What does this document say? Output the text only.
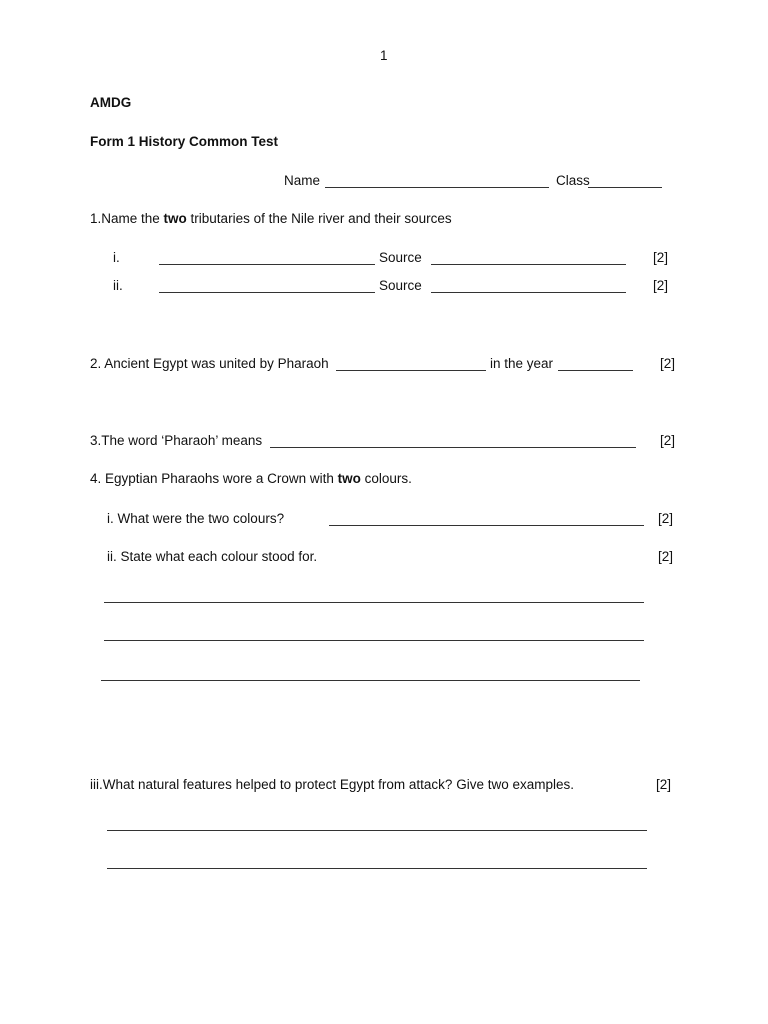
1
AMDG
Form 1 History Common Test
Name	Class
1.Name the two tributaries of the Nile river and their sources
i.	Source	[2]
ii.	Source	[2]
2. Ancient Egypt was united by Pharaoh	in the year	[2]
3.The word ‘Pharaoh’ means	[2]
4. Egyptian Pharaohs wore a Crown with two colours.
i. What were the two colours?	[2]
ii. State what each colour stood for.	[2]
iii.What natural features helped to protect Egypt from attack? Give two examples.	[2]
